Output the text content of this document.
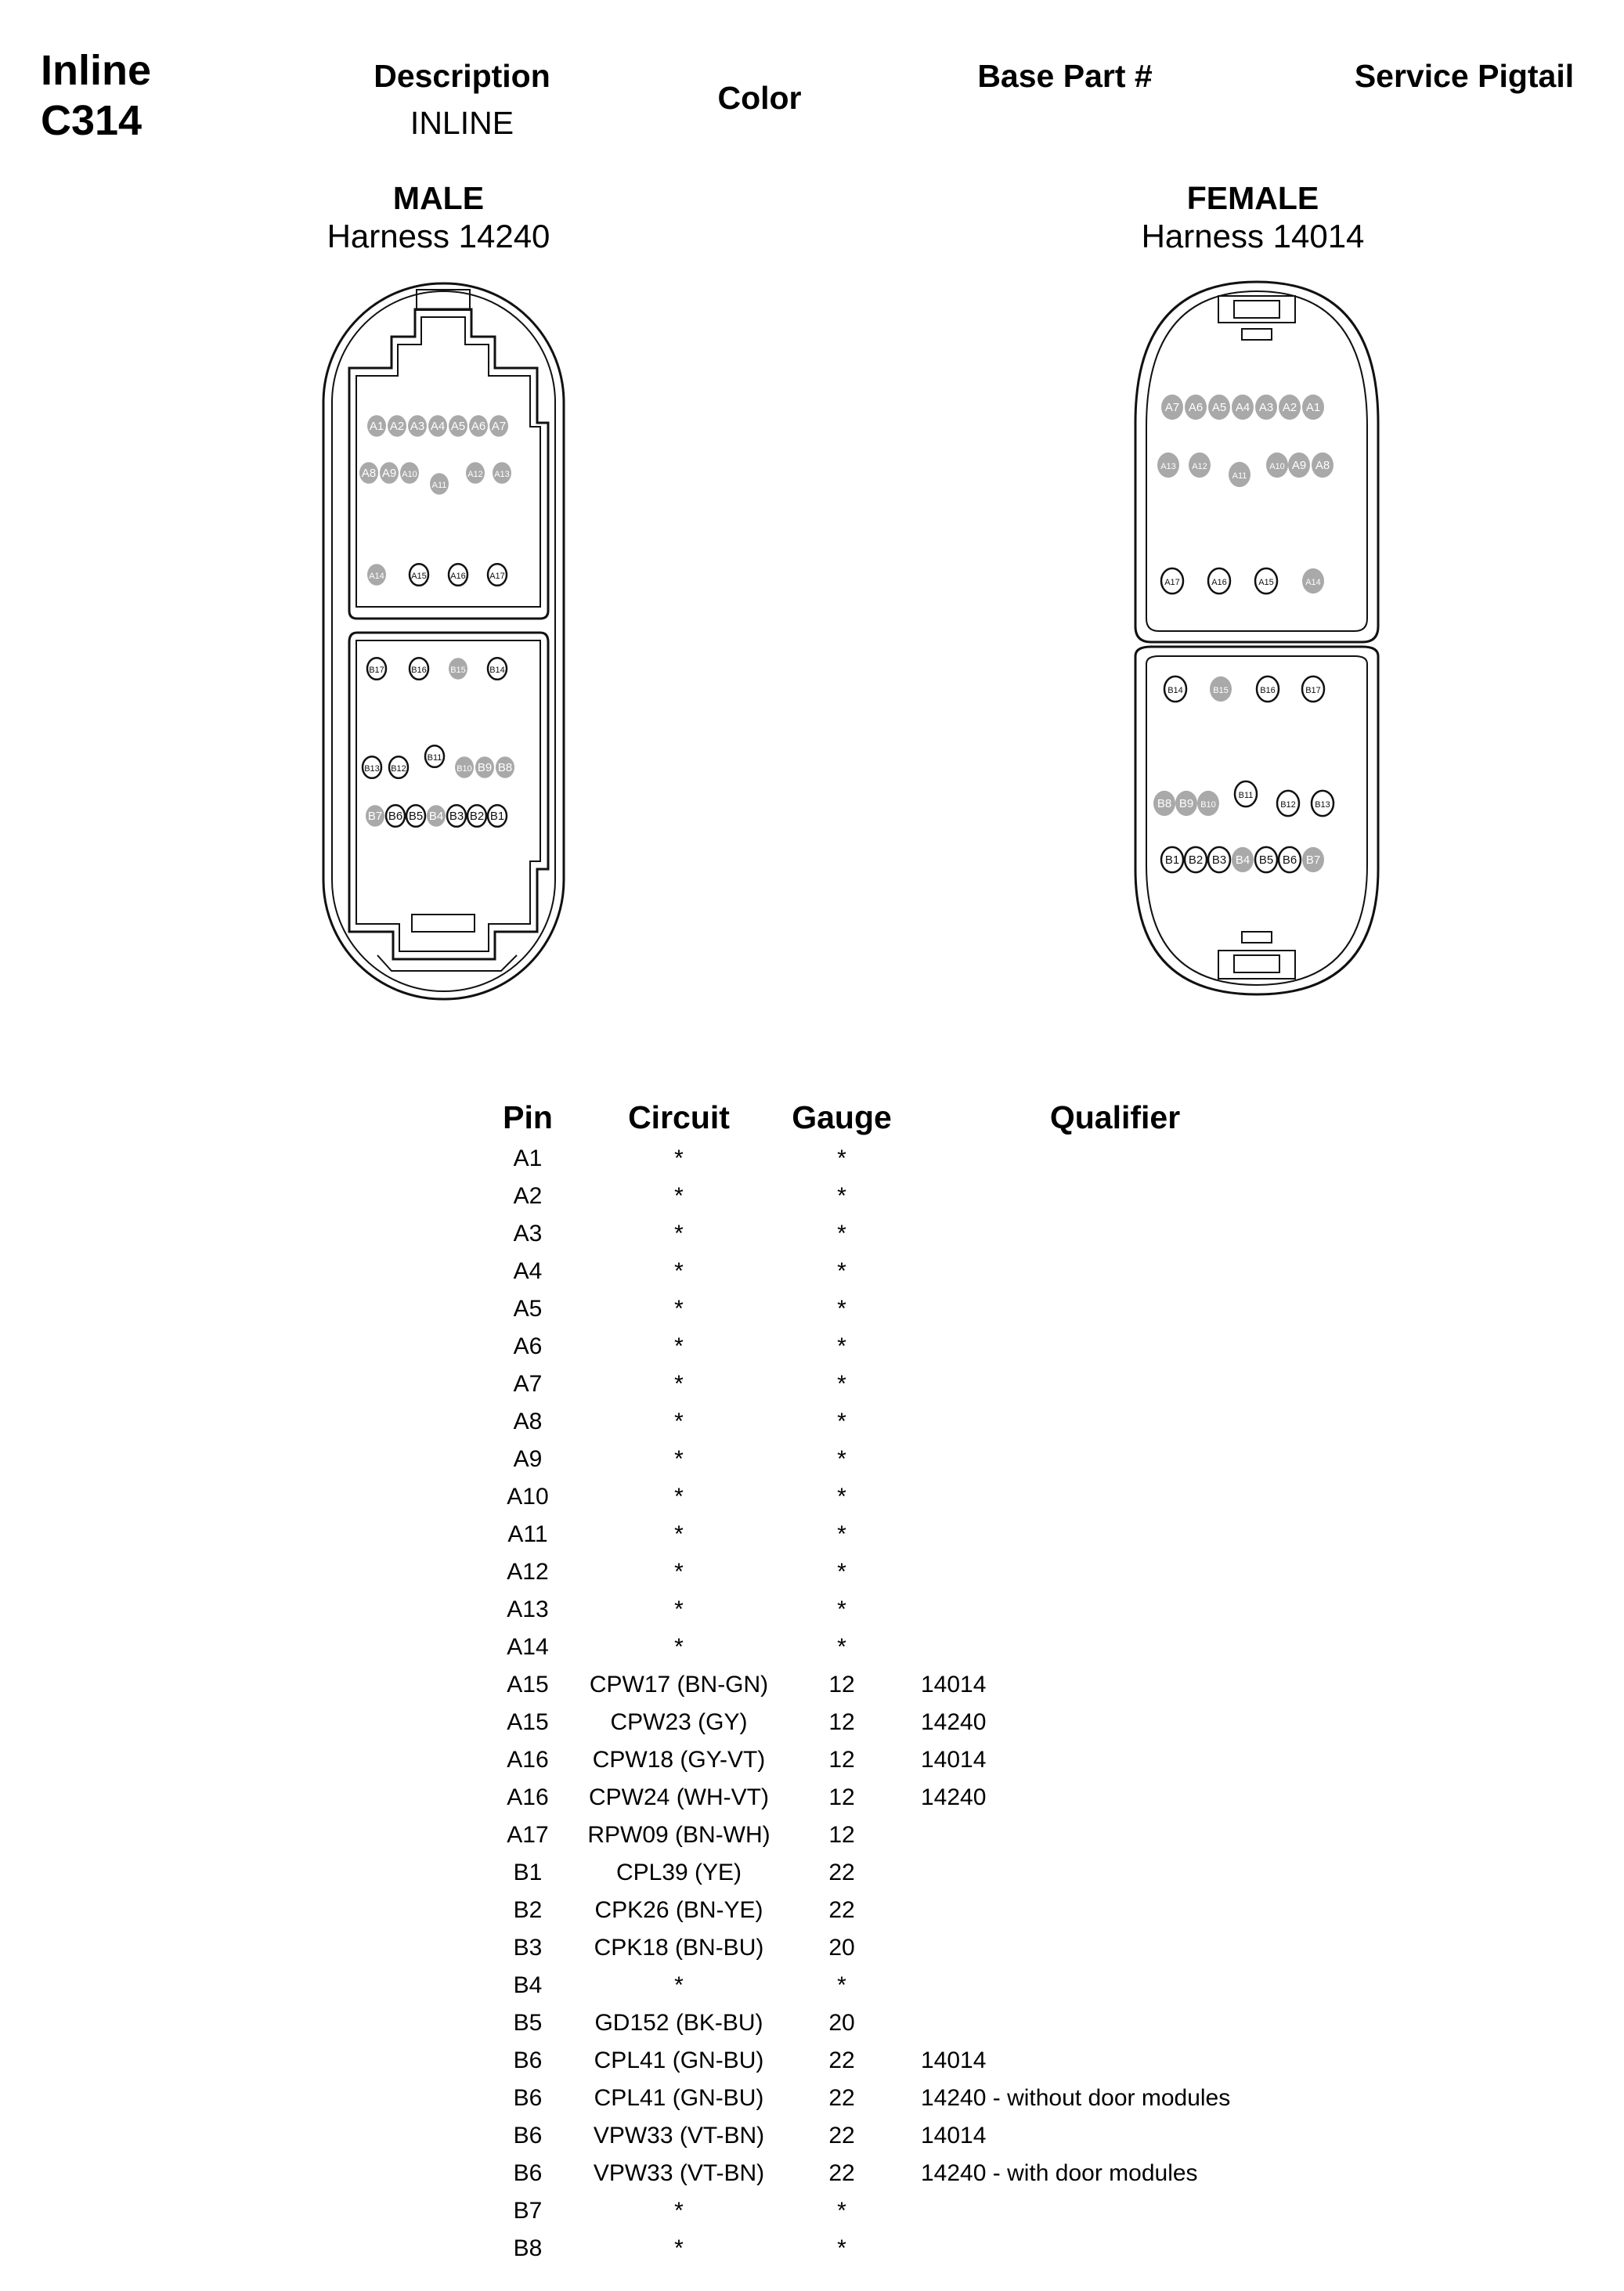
Inline
C314
Description
INLINE
Color
Base Part #	Service Pigtail
MALE
Harness 14240
FEMALE
Harness 14014
A1 A2 A3 A4 A5 A6 A7
A8 A9 A10
A11
A12 A13
A14	A15	A16	A17
B17	B16	B15	B14
B13 B12
B11
B10 B9 B8
B7 B6 B5 B4 B3 B2 B1
A7 A6 A5 A4 A3 A2 A1
A13 A12
A11
A10 A9 A8
A17	A16	A15	A14
B14	B15	B16	B17
B8 B9 B10
B11
B12 B13
B1 B2 B3 B4 B5 B6 B7
Pin	Circuit	Gauge	Qualifier
A1	*	*	
A2	*	*	
A3	*	*	
A4	*	*	
A5	*	*	
A6	*	*	
A7	*	*	
A8	*	*	
A9	*	*	
A10	*	*	
A11	*	*	
A12	*	*	
A13	*	*	
A14	*	*	
A15	CPW17 (BN-GN)	12	14014
A15	CPW23 (GY)	12	14240
A16	CPW18 (GY-VT)	12	14014
A16	CPW24 (WH-VT)	12	14240
A17	RPW09 (BN-WH)	12	
B1	CPL39 (YE)	22	
B2	CPK26 (BN-YE)	22	
B3	CPK18 (BN-BU)	20	
B4	*	*	
B5	GD152 (BK-BU)	20	
B6	CPL41 (GN-BU)	22	14014
B6	CPL41 (GN-BU)	22	14240 - without door modules
B6	VPW33 (VT-BN)	22	14014
B6	VPW33 (VT-BN)	22	14240 - with door modules
B7	*	*	
B8	*	*	
